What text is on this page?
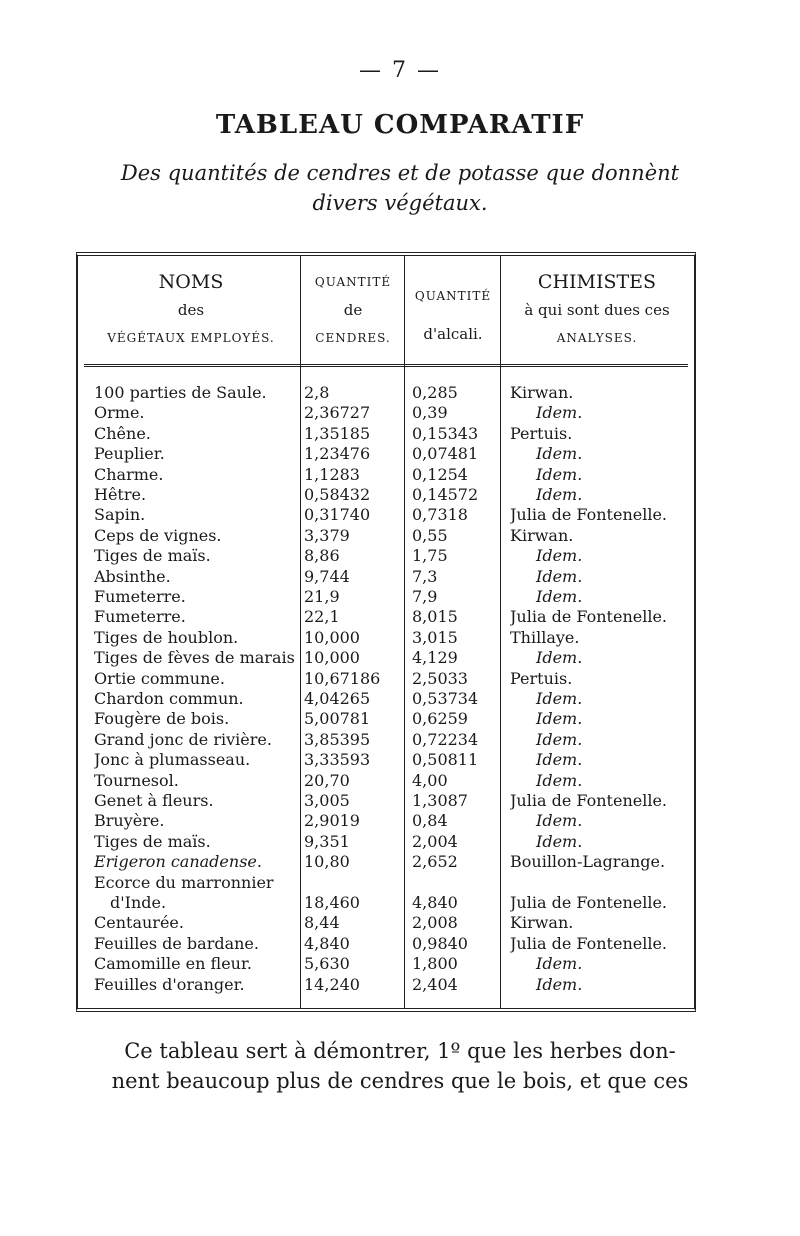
— 7 —
TABLEAU COMPARATIF
Des quantités de cendres et de potasse que donnènt
divers végétaux.
NOMS
des
VÉGÉTAUX EMPLOYÉS.
QUANTITÉ
de
CENDRES.
QUANTITÉ
d'alcali.
CHIMISTES
à qui sont dues ces
ANALYSES.
100 parties de Saule.	2,8	0,285	Kirwan.
Orme.	2,36727	0,39	Idem.
Chêne.	1,35185	0,15343	Pertuis.
Peuplier.	1,23476	0,07481	Idem.
Charme.	1,1283	0,1254	Idem.
Hêtre.	0,58432	0,14572	Idem.
Sapin.	0,31740	0,7318	Julia de Fontenelle.
Ceps de vignes.	3,379	0,55	Kirwan.
Tiges de maïs.	8,86	1,75	Idem.
Absinthe.	9,744	7,3	Idem.
Fumeterre.	21,9	7,9	Idem.
Fumeterre.	22,1	8,015	Julia de Fontenelle.
Tiges de houblon.	10,000	3,015	Thillaye.
Tiges de fèves de marais 10,000	4,129	Idem.
Ortie commune.	10,67186	2,5033	Pertuis.
Chardon commun.	4,04265	0,53734	Idem.
Fougère de bois.	5,00781	0,6259	Idem.
Grand jonc de rivière.	3,85395	0,72234	Idem.
Jonc à plumasseau.	3,33593	0,50811	Idem.
Tournesol.	20,70	4,00	Idem.
Genet à fleurs.	3,005	1,3087	Julia de Fontenelle.
Bruyère.	2,9019	0,84	Idem.
Tiges de maïs.	9,351	2,004	Idem.
Erigeron canadense.	10,80	2,652	Bouillon-Lagrange.
Ecorce du marronnier
d'Inde.	18,460	4,840	Julia de Fontenelle.
Centaurée.	8,44	2,008	Kirwan.
Feuilles de bardane.	4,840	0,9840	Julia de Fontenelle.
Camomille en fleur.	5,630	1,800	Idem.
Feuilles d'oranger.	14,240	2,404	Idem.
Ce tableau sert à démontrer, 1º que les herbes don-
nent beaucoup plus de cendres que le bois, et que ces
